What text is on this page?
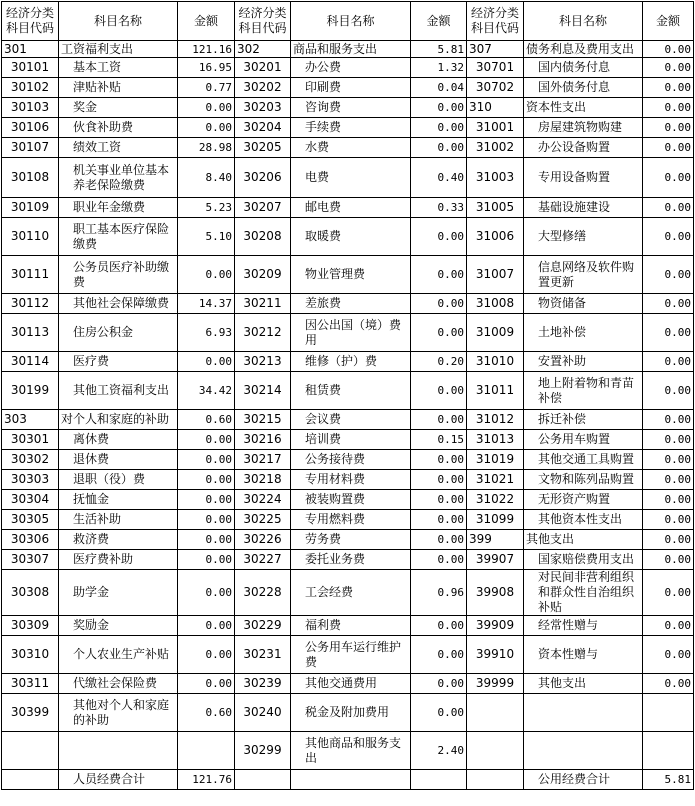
经济分类科目代码	科目名称	金额	经济分类科目代码	科目名称	金额	经济分类科目代码	科目名称	金额
301	工资福利支出	121.16	302	商品和服务支出	5.81	307	债务利息及费用支出	0.00
30101	基本工资	16.95	30201	办公费	1.32	30701	国内债务付息	0.00
30102	津贴补贴	0.77	30202	印刷费	0.04	30702	国外债务付息	0.00
30103	奖金	0.00	30203	咨询费	0.00	310	资本性支出	0.00
30106	伙食补助费	0.00	30204	手续费	0.00	31001	房屋建筑物购建	0.00
30107	绩效工资	28.98	30205	水费	0.00	31002	办公设备购置	0.00
30108	机关事业单位基本养老保险缴费	8.40	30206	电费	0.40	31003	专用设备购置	0.00
30109	职业年金缴费	5.23	30207	邮电费	0.33	31005	基础设施建设	0.00
30110	职工基本医疗保险缴费	5.10	30208	取暖费	0.00	31006	大型修缮	0.00
30111	公务员医疗补助缴费	0.00	30209	物业管理费	0.00	31007	信息网络及软件购置更新	0.00
30112	其他社会保障缴费	14.37	30211	差旅费	0.00	31008	物资储备	0.00
30113	住房公积金	6.93	30212	因公出国（境）费用	0.00	31009	土地补偿	0.00
30114	医疗费	0.00	30213	维修（护）费	0.20	31010	安置补助	0.00
30199	其他工资福利支出	34.42	30214	租赁费	0.00	31011	地上附着物和青苗补偿	0.00
303	对个人和家庭的补助	0.60	30215	会议费	0.00	31012	拆迁补偿	0.00
30301	离休费	0.00	30216	培训费	0.15	31013	公务用车购置	0.00
30302	退休费	0.00	30217	公务接待费	0.00	31019	其他交通工具购置	0.00
30303	退职（役）费	0.00	30218	专用材料费	0.00	31021	文物和陈列品购置	0.00
30304	抚恤金	0.00	30224	被装购置费	0.00	31022	无形资产购置	0.00
30305	生活补助	0.00	30225	专用燃料费	0.00	31099	其他资本性支出	0.00
30306	救济费	0.00	30226	劳务费	0.00	399	其他支出	0.00
30307	医疗费补助	0.00	30227	委托业务费	0.00	39907	国家赔偿费用支出	0.00
30308	助学金	0.00	30228	工会经费	0.96	39908	对民间非营利组织和群众性自治组织补贴	0.00
30309	奖励金	0.00	30229	福利费	0.00	39909	经常性赠与	0.00
30310	个人农业生产补贴	0.00	30231	公务用车运行维护费	0.00	39910	资本性赠与	0.00
30311	代缴社会保险费	0.00	30239	其他交通费用	0.00	39999	其他支出	0.00
30399	其他对个人和家庭的补助	0.60	30240	税金及附加费用	0.00			
			30299	其他商品和服务支出	2.40			
	人员经费合计	121.76					公用经费合计	5.81
